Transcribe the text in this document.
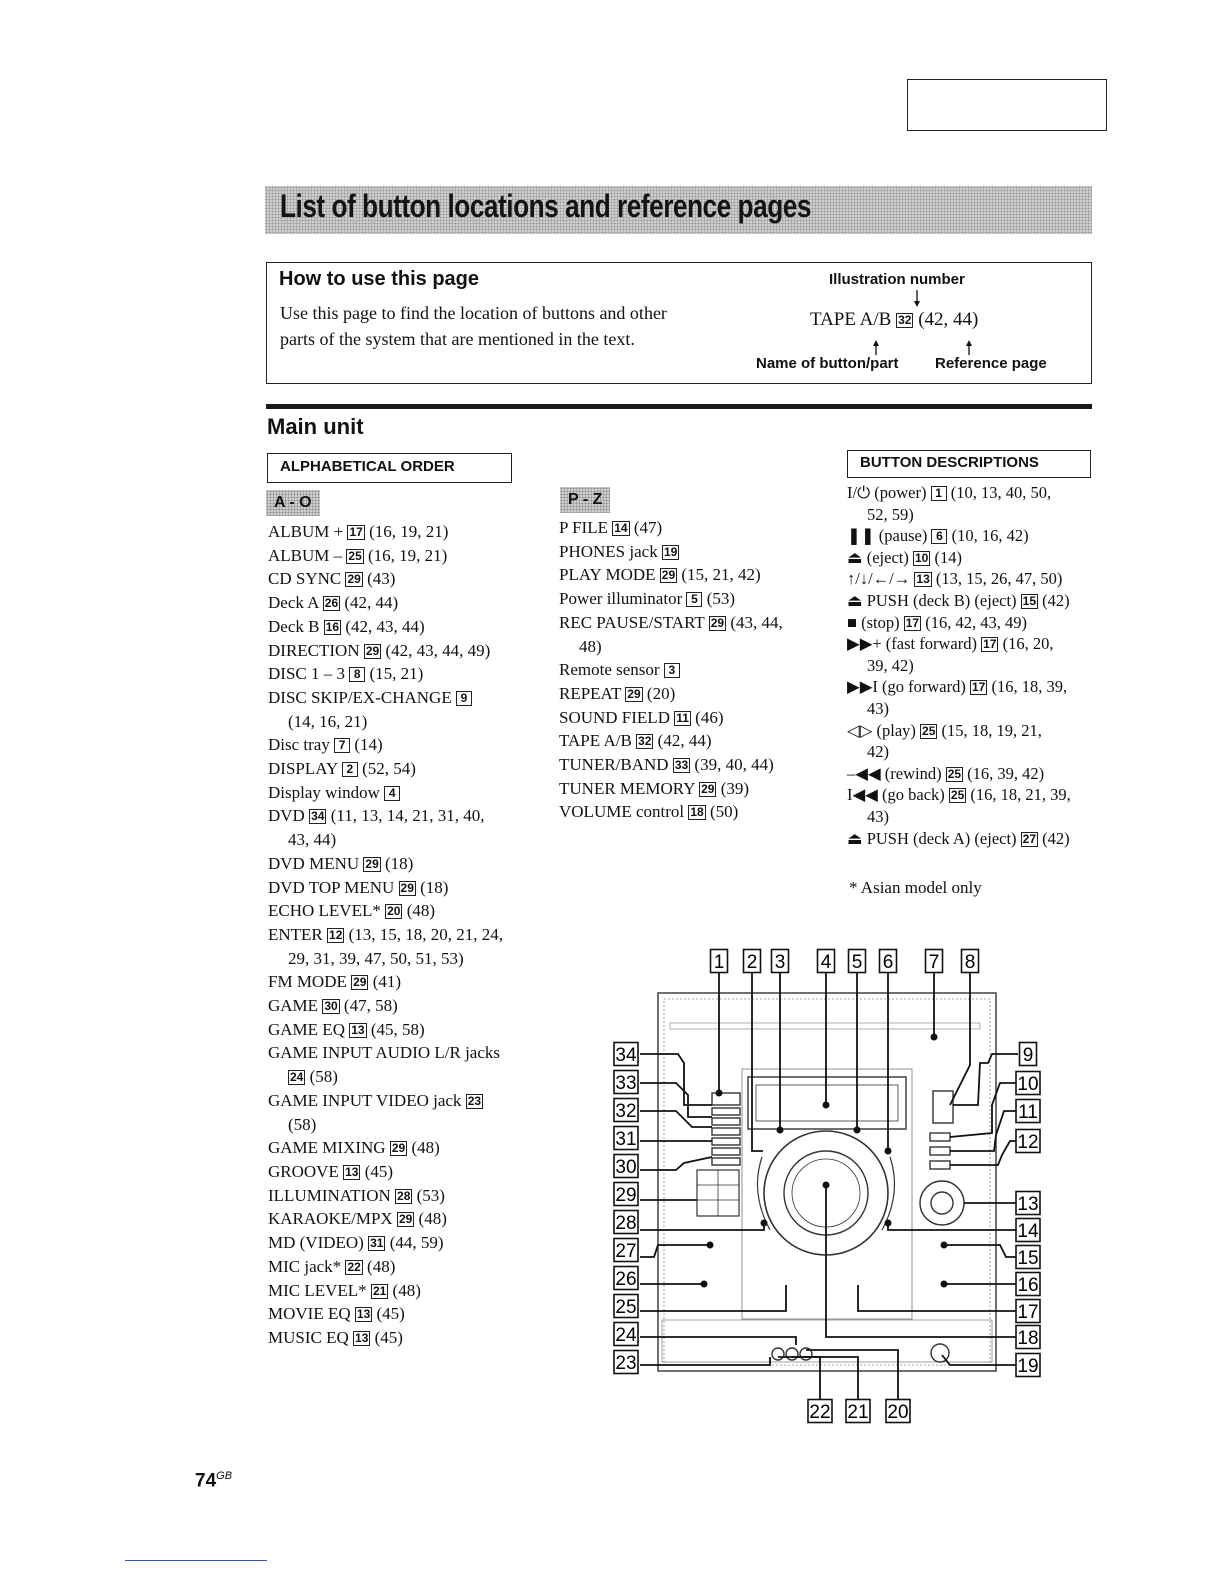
List of button locations and reference pages
How to use this page
Use this page to find the location of buttons and other
parts of the system that are mentioned in the text.
Illustration number
TAPE A/B 32 (42, 44)
Name of button/part Reference page
Main unit
ALPHABETICAL ORDER	BUTTON DESCRIPTIONS
A - O	P - Z
ALBUM + 17 (16, 19, 21)
ALBUM – 25 (16, 19, 21)
CD SYNC 29 (43)
Deck A 26 (42, 44)
Deck B 16 (42, 43, 44)
DIRECTION 29 (42, 43, 44, 49)
DISC 1 – 3 8 (15, 21)
DISC SKIP/EX-CHANGE 9
(14, 16, 21)
Disc tray 7 (14)
DISPLAY 2 (52, 54)
Display window 4
DVD 34 (11, 13, 14, 21, 31, 40,
43, 44)
DVD MENU 29 (18)
DVD TOP MENU 29 (18)
ECHO LEVEL* 20 (48)
ENTER 12 (13, 15, 18, 20, 21, 24,
29, 31, 39, 47, 50, 51, 53)
FM MODE 29 (41)
GAME 30 (47, 58)
GAME EQ 13 (45, 58)
GAME INPUT AUDIO L/R jacks
24 (58)
GAME INPUT VIDEO jack 23
(58)
GAME MIXING 29 (48)
GROOVE 13 (45)
ILLUMINATION 28 (53)
KARAOKE/MPX 29 (48)
MD (VIDEO) 31 (44, 59)
MIC jack* 22 (48)
MIC LEVEL* 21 (48)
MOVIE EQ 13 (45)
MUSIC EQ 13 (45)
P FILE 14 (47)
PHONES jack 19
PLAY MODE 29 (15, 21, 42)
Power illuminator 5 (53)
REC PAUSE/START 29 (43, 44,
48)
Remote sensor 3
REPEAT 29 (20)
SOUND FIELD 11 (46)
TAPE A/B 32 (42, 44)
TUNER/BAND 33 (39, 40, 44)
TUNER MEMORY 29 (39)
VOLUME control 18 (50)
I/⏻ (power) 1 (10, 13, 40, 50,
52, 59)
❚❚ (pause) 6 (10, 16, 42)
⏏ (eject) 10 (14)
↑/↓/←/→ 13 (13, 15, 26, 47, 50)
⏏ PUSH (deck B) (eject) 15 (42)
■ (stop) 17 (16, 42, 43, 49)
▶▶+ (fast forward) 17 (16, 20,
39, 42)
▶▶I (go forward) 17 (16, 18, 39,
43)
◁▷ (play) 25 (15, 18, 19, 21,
42)
–◀◀ (rewind) 25 (16, 39, 42)
I◀◀ (go back) 25 (16, 18, 21, 39,
43)
⏏ PUSH (deck A) (eject) 27 (42)
* Asian model only
1 2 3 4 5 6 7 8
34
33
32
31
30
29
28
27
26
25
24
23
9
10
11
12
13
14
15
16
17
18
19
22 21 20
$74^{GB}$
